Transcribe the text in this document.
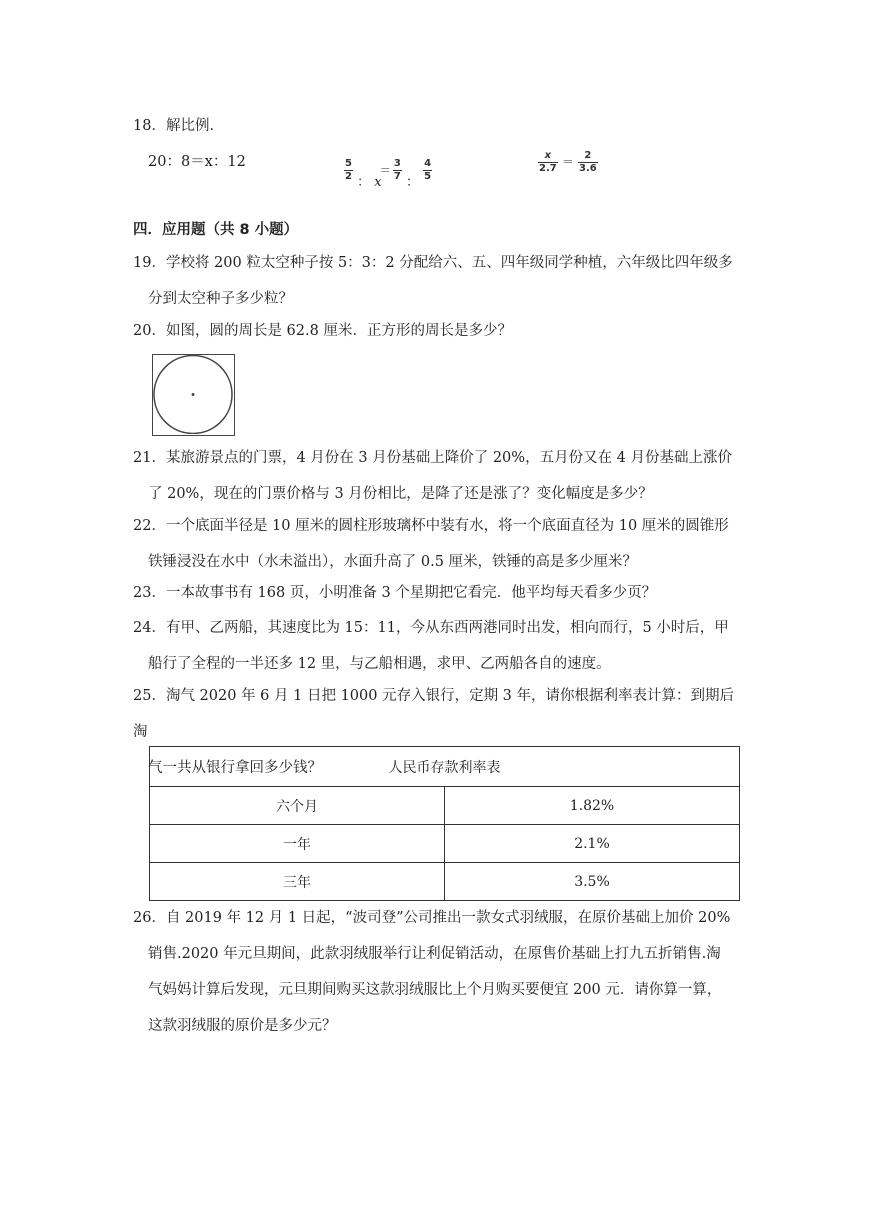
18．解比例．
20：8＝x：12	$\frac{5}{2}$ ： $x = \frac{3}{7}$ ： $\frac{4}{5}$	$\frac{x}{2.7} = \frac{2}{3.6}$
四．应用题（共 8 小题）
19．学校将 200 粒太空种子按 5：3：2 分配给六、五、四年级同学种植，六年级比四年级多
分到太空种子多少粒？
20．如图，圆的周长是 62.8 厘米．正方形的周长是多少？
21．某旅游景点的门票，4 月份在 3 月份基础上降价了 20%，五月份又在 4 月份基础上涨价
了 20%，现在的门票价格与 3 月份相比，是降了还是涨了？变化幅度是多少？
22．一个底面半径是 10 厘米的圆柱形玻璃杯中装有水，将一个底面直径为 10 厘米的圆锥形
铁锤浸没在水中（水未溢出），水面升高了 0.5 厘米，铁锤的高是多少厘米？
23．一本故事书有 168 页，小明准备 3 个星期把它看完．他平均每天看多少页？
24．有甲、乙两船，其速度比为 15：11，今从东西两港同时出发，相向而行，5 小时后，甲
船行了全程的一半还多 12 里，与乙船相遇，求甲、乙两船各自的速度。
25．淘气 2020 年 6 月 1 日把 1000 元存入银行，定期 3 年，请你根据利率表计算：到期后淘
气一共从银行拿回多少钱？	人民币存款利率表	
六个月	1.82%
一年	2.1%
三年	3.5%
26．自 2019 年 12 月 1 日起，“波司登”公司推出一款女式羽绒服，在原价基础上加价 20%
销售.2020 年元旦期间，此款羽绒服举行让利促销活动，在原售价基础上打九五折销售.淘
气妈妈计算后发现，元旦期间购买这款羽绒服比上个月购买要便宜 200 元．请你算一算，
这款羽绒服的原价是多少元？
